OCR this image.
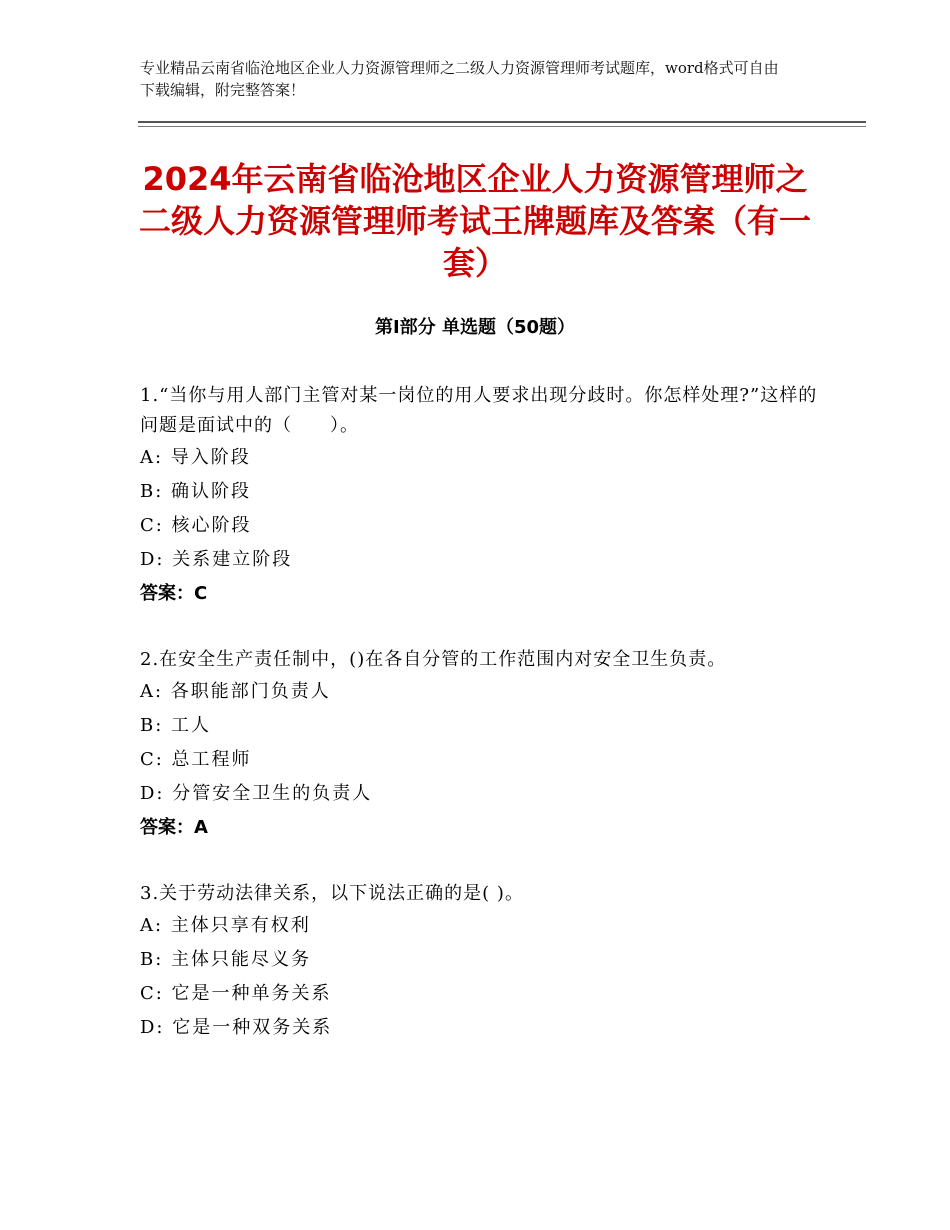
专业精品云南省临沧地区企业人力资源管理师之二级人力资源管理师考试题库，word格式可自由下载编辑，附完整答案！
2024年云南省临沧地区企业人力资源管理师之二级人力资源管理师考试王牌题库及答案（有一套）
第Ⅰ部分 单选题（50题）
1.“当你与用人部门主管对某一岗位的用人要求出现分歧时。你怎样处理?”这样的问题是面试中的（　　）。
A: 导入阶段
B: 确认阶段
C: 核心阶段
D: 关系建立阶段
答案：C
2.在安全生产责任制中，()在各自分管的工作范围内对安全卫生负责。
A: 各职能部门负责人
B: 工人
C: 总工程师
D: 分管安全卫生的负责人
答案：A
3.关于劳动法律关系，以下说法正确的是( )。
A: 主体只享有权利
B: 主体只能尽义务
C: 它是一种单务关系
D: 它是一种双务关系
